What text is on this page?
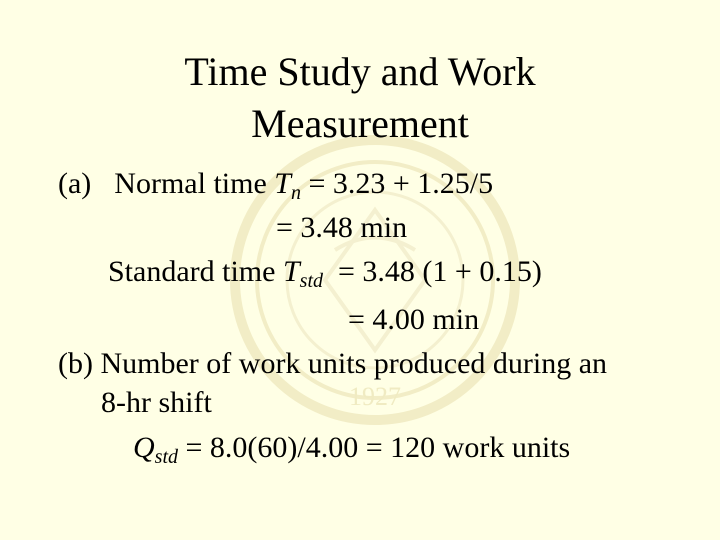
1927
Time Study and Work
Measurement
(a) Normal time $T_n = 3.23 + 1.25/5$
= 3.48 min
Standard time $T_{std} = 3.48$ (1 + 0.15)
= 4.00 min
(b) Number of work units produced during an
8-hr shift
$Q_{std} = 8.0(60)/4.00 = 120$ work units
